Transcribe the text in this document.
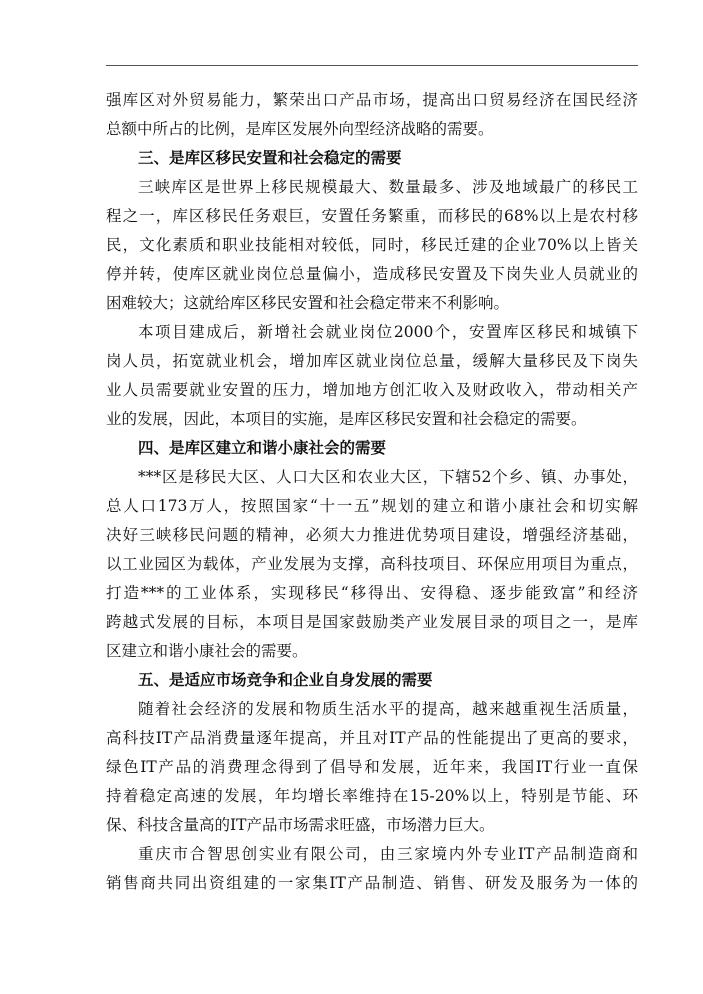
强库区对外贸易能力，繁荣出口产品市场，提高出口贸易经济在国民经济
总额中所占的比例，是库区发展外向型经济战略的需要。
三、是库区移民安置和社会稳定的需要
三峡库区是世界上移民规模最大、数量最多、涉及地域最广的移民工
程之一，库区移民任务艰巨，安置任务繁重，而移民的68%以上是农村移
民，文化素质和职业技能相对较低，同时，移民迁建的企业70%以上皆关
停并转，使库区就业岗位总量偏小，造成移民安置及下岗失业人员就业的
困难较大；这就给库区移民安置和社会稳定带来不利影响。
本项目建成后，新增社会就业岗位2000个，安置库区移民和城镇下
岗人员，拓宽就业机会，增加库区就业岗位总量，缓解大量移民及下岗失
业人员需要就业安置的压力，增加地方创汇收入及财政收入，带动相关产
业的发展，因此，本项目的实施，是库区移民安置和社会稳定的需要。
四、是库区建立和谐小康社会的需要
***区是移民大区、人口大区和农业大区，下辖52个乡、镇、办事处，
总人口173万人，按照国家“十一五”规划的建立和谐小康社会和切实解
决好三峡移民问题的精神，必须大力推进优势项目建设，增强经济基础，
以工业园区为载体，产业发展为支撑，高科技项目、环保应用项目为重点，
打造***的工业体系，实现移民“移得出、安得稳、逐步能致富”和经济
跨越式发展的目标，本项目是国家鼓励类产业发展目录的项目之一，是库
区建立和谐小康社会的需要。
五、是适应市场竞争和企业自身发展的需要
随着社会经济的发展和物质生活水平的提高，越来越重视生活质量，
高科技IT产品消费量逐年提高，并且对IT产品的性能提出了更高的要求，
绿色IT产品的消费理念得到了倡导和发展，近年来，我国IT行业一直保
持着稳定高速的发展，年均增长率维持在15-20%以上，特别是节能、环
保、科技含量高的IT产品市场需求旺盛，市场潜力巨大。
重庆市合智思创实业有限公司，由三家境内外专业IT产品制造商和
销售商共同出资组建的一家集IT产品制造、销售、研发及服务为一体的
